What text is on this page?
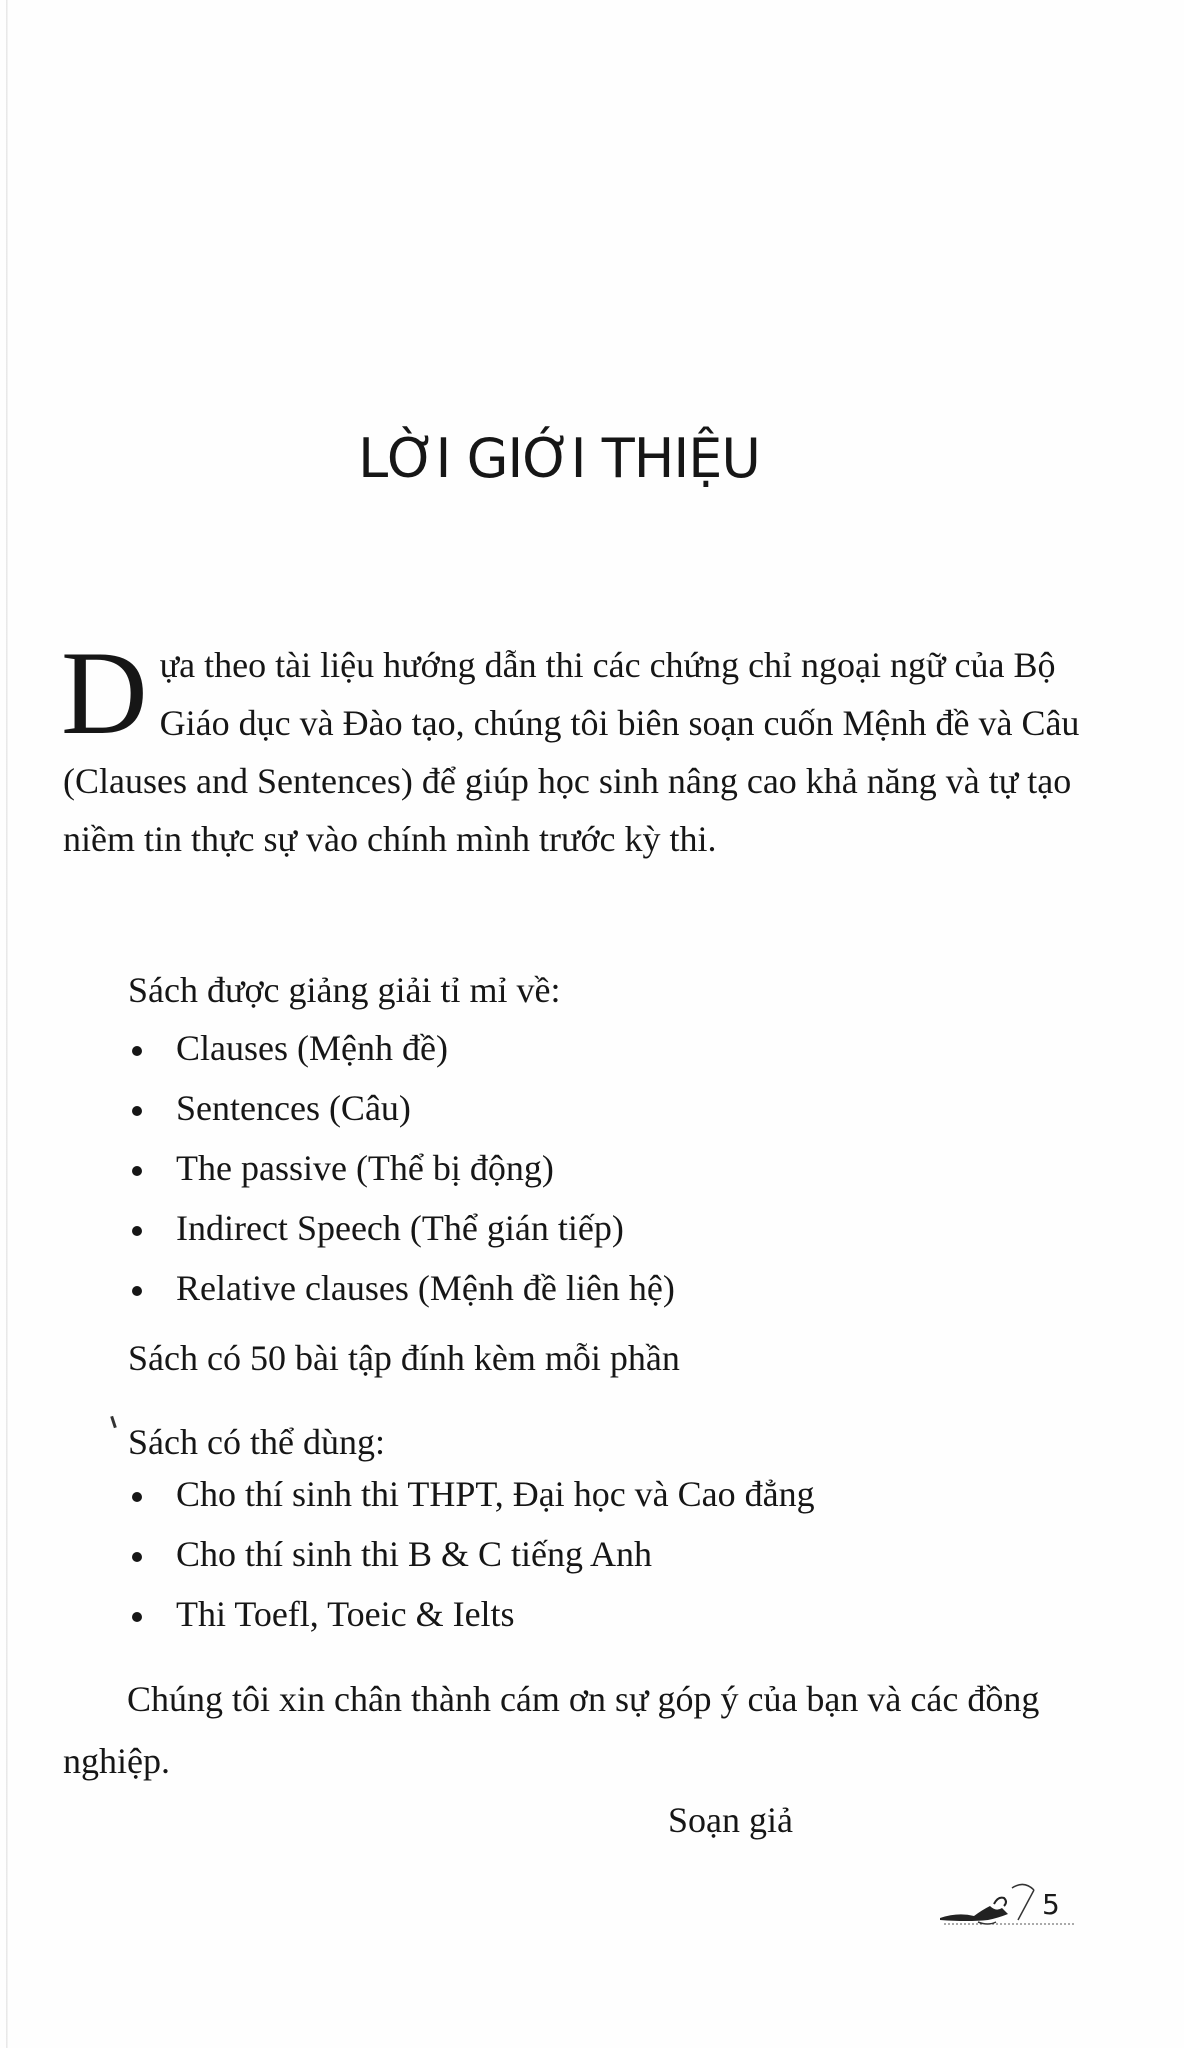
LỜI GIỚI THIỆU

Dựa theo tài liệu hướng dẫn thi các chứng chỉ ngoại ngữ của Bộ Giáo dục và Đào tạo, chúng tôi biên soạn cuốn Mệnh đề và Câu (Clauses and Sentences) để giúp học sinh nâng cao khả năng và tự tạo niềm tin thực sự vào chính mình trước kỳ thi.

Sách được giảng giải tỉ mỉ về:

Clauses (Mệnh đề)
Sentences (Câu)
The passive (Thể bị động)
Indirect Speech (Thể gián tiếp)
Relative clauses (Mệnh đề liên hệ)

Sách có 50 bài tập đính kèm mỗi phần

Sách có thể dùng:

Cho thí sinh thi THPT, Đại học và Cao đẳng
Cho thí sinh thi B & C tiếng Anh
Thi Toefl, Toeic & Ielts

Chúng tôi xin chân thành cám ơn sự góp ý của bạn và các đồng nghiệp.

Soạn giả

5
